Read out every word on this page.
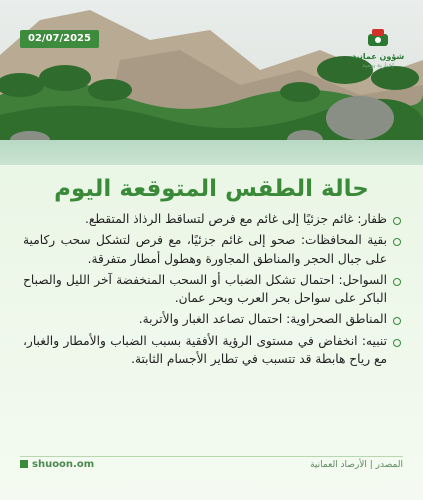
02/07/2025
شؤون عمانية
إخبارية يومية
حالة الطقس المتوقعة اليوم
ظفار: غائم جزئيًا إلى غائم مع فرص لتساقط الرذاذ المتقطع.
بقية المحافظات: صحو إلى غائم جزئيًا، مع فرص لتشكل سحب ركامية على جبال الحجر والمناطق المجاورة وهطول أمطار متفرقة.
السواحل: احتمال تشكل الضباب أو السحب المنخفضة آخر الليل والصباح الباكر على سواحل بحر العرب وبحر عمان.
المناطق الصحراوية: احتمال تصاعد الغبار والأتربة.
تنبيه: انخفاض في مستوى الرؤية الأفقية بسبب الضباب والأمطار والغبار، مع رياح هابطة قد تتسبب في تطاير الأجسام الثابتة.
shuoon.om	المصدر | الأرصاد العمانية
